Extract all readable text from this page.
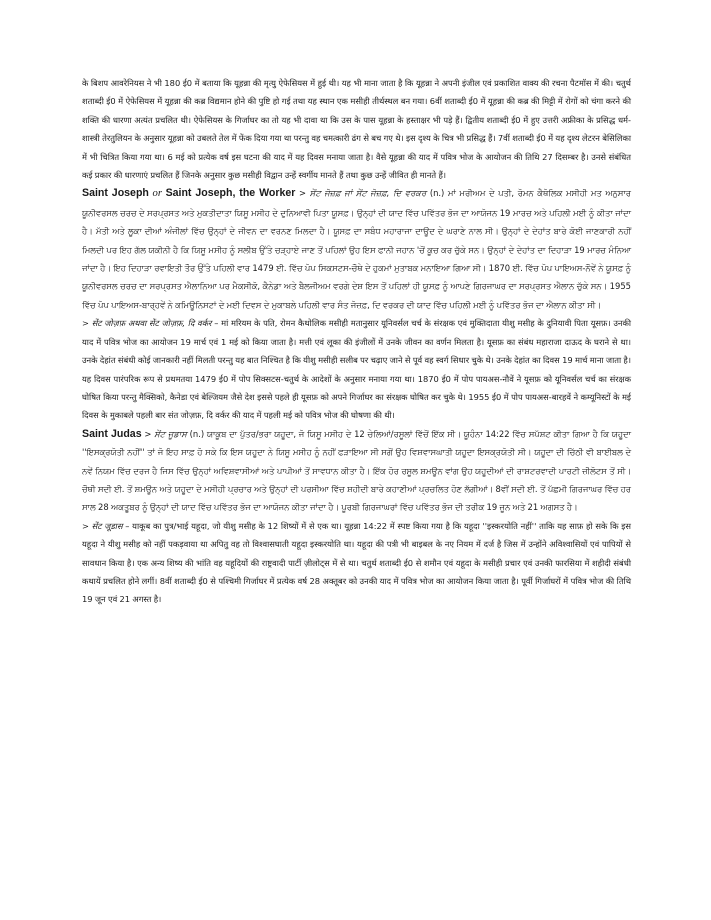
के बिशप आवरेनियस ने भी 180 ई0 में बताया कि यूहन्ना की मृत्यु ऐफेसियस में हुई थी। यह भी माना जाता है कि यूहन्ना ने अपनी इंजील एवं प्रकाशित वाक्य की रचना पैटमॉस में की। चतुर्थ शताब्दी ई0 में ऐफेसियस में यूहन्ना की कब्र विद्यमान होने की पुष्टि हो गई तथा यह स्थान एक मसीही तीर्थस्थल बन गया। 6वीं शताब्दी ई0 में यूहन्ना की कब्र की मिट्टी में रोगों को चंगा करने की शक्ति की धारणा अत्यंत प्रचलित थी। ऐफेसियस के गिर्जाघर का तो यह भी दावा था कि उस के पास यूहन्ना के हस्ताक्षर भी पड़े हैं। द्वितीय शताब्दी ई0 में हुए उत्तरी अफ्रीका के प्रसिद्ध धर्म-शास्त्री तेरतुलियन के अनुसार यूहन्ना को उबलते तेल में फेंक दिया गया था परन्तु वह चमत्कारी ढंग से बच गए थे। इस दृश्य के चित्र भी प्रसिद्ध हैं। 7वीं शताब्दी ई0 में यह दृश्य लेटरन बेसिलिका में भी चित्रित किया गया था। 6 मई को प्रत्येक वर्ष इस घटना की याद में यह दिवस मनाया जाता है। वैसे यूहन्ना की याद में पवित्र भोज के आयोजन की तिथि 27 दिसम्बर है। उनसे संबंधित कई प्रकार की धारणाएं प्रचलित हैं जिनके अनुसार कुछ मसीही विद्वान उन्हें स्वर्गीय मानते हैं तथा कुछ उन्हें जीवित ही मानते हैं।

Saint Joseph or Saint Joseph, the Worker > ਸੇਂਟ ਜੋਜ਼ਫ਼ ਜਾਂ ਸੇਂਟ ਜੋਜ਼ਫ਼, ਦਿ ਵਰਕਰ (n.) ਮਾਂ ਮਰੀਅਮ ਦੇ ਪਤੀ, ਰੋਮਨ ਕੈਥੋਲਿਕ ਮਸੀਹੀ ਮਤ ਅਨੁਸਾਰ ਯੂਨੀਵਰਸਲ ਚਰਚ ਦੇ ਸਰਪ੍ਰਸਤ ਅਤੇ ਮੁਕਤੀਦਾਤਾ ਯਿਸੂ ਮਸੀਹ ਦੇ ਦੁਨਿਆਵੀ ਪਿਤਾ ਯੂਸਫ਼। ਉਨ੍ਹਾਂ ਦੀ ਯਾਦ ਵਿੱਚ ਪਵਿੱਤਰ ਭੋਜ ਦਾ ਆਯੋਜਨ 19 ਮਾਰਚ ਅਤੇ ਪਹਿਲੀ ਮਈ ਨੂੰ ਕੀਤਾ ਜਾਂਦਾ ਹੈ। ਮੱਤੀ ਅਤੇ ਲੂਕਾ ਦੀਆਂ ਅੰਜੀਲਾਂ ਵਿੱਚ ਉਨ੍ਹਾਂ ਦੇ ਜੀਵਨ ਦਾ ਵਰਨਣ ਮਿਲਦਾ ਹੈ। ਯੂਸਫ਼ ਦਾ ਸਬੰਧ ਮਹਾਰਾਜਾ ਦਾਊਦ ਦੇ ਘਰਾਣੇ ਨਾਲ ਸੀ। ਉਨ੍ਹਾਂ ਦੇ ਦੇਹਾਂਤ ਬਾਰੇ ਕੋਈ ਜਾਣਕਾਰੀ ਨਹੀਂ ਮਿਲਦੀ ਪਰ ਇਹ ਗੱਲ ਯਕੀਨੀ ਹੈ ਕਿ ਯਿਸੂ ਮਸੀਹ ਨੂੰ ਸਲੀਬ ਉੱਤੇ ਚੜ੍ਹਾਏ ਜਾਣ ਤੋਂ ਪਹਿਲਾਂ ਉਹ ਇਸ ਫਾਨੀ ਜਹਾਨ 'ਚੋਂ ਕੂਚ ਕਰ ਚੁੱਕੇ ਸਨ। ਉਨ੍ਹਾਂ ਦੇ ਦੇਹਾਂਤ ਦਾ ਦਿਹਾੜਾ 19 ਮਾਰਚ ਮੰਨਿਆ ਜਾਂਦਾ ਹੈ। ਇਹ ਦਿਹਾੜਾ ਰਵਾਇਤੀ ਤੌਰ ਉੱਤੇ ਪਹਿਲੀ ਵਾਰ 1479 ਈ. ਵਿੱਚ ਪੋਪ ਸਿਕਸਟਸ-ਚੌਥੇ ਦੇ ਹੁਕਮਾਂ ਮੁਤਾਬਕ ਮਨਾਇਆ ਗਿਆ ਸੀ। 1870 ਈ. ਵਿੱਚ ਪੋਪ ਪਾਇਅਸ-ਨੌਵੇਂ ਨੇ ਯੂਸਫ਼ ਨੂੰ ਯੂਨੀਵਰਸਲ ਚਰਚ ਦਾ ਸਰਪ੍ਰਸਤ ਐਲਾਨਿਆ ਪਰ ਮੈਕਸੀਕੋ, ਕੈਨੇਡਾ ਅਤੇ ਬੈਲਜੀਅਮ ਵਰਗੇ ਦੇਸ਼ ਇਸ ਤੋਂ ਪਹਿਲਾਂ ਹੀ ਯੂਸਫ਼ ਨੂੰ ਆਪਣੇ ਗਿਰਜਾਘਰ ਦਾ ਸਰਪ੍ਰਸਤ ਐਲਾਨ ਚੁੱਕੇ ਸਨ। 1955 ਵਿੱਚ ਪੋਪ ਪਾਇਅਸ-ਬਾਰ੍ਹਵੇਂ ਨੇ ਕਮਿਊਨਿਸਟਾਂ ਦੇ ਮਈ ਦਿਵਸ ਦੇ ਮੁਕਾਬਲੇ ਪਹਿਲੀ ਵਾਰ ਸੰਤ ਜੋਜ਼ਫ਼, ਦਿ ਵਰਕਰ ਦੀ ਯਾਦ ਵਿੱਚ ਪਹਿਲੀ ਮਈ ਨੂੰ ਪਵਿੱਤਰ ਭੋਜ ਦਾ ਐਲਾਨ ਕੀਤਾ ਸੀ।

> सेंट जोज़फ़ अथवा सेंट जोज़फ़, दि वर्कर – मां मरियम के पति, रोमन कैथोलिक मसीही मतानुसार यूनिवर्सल चर्च के संरक्षक एवं मुक्तिदाता यीशु मसीह के दुनियावी पिता यूसफ़। उनकी याद में पवित्र भोज का आयोजन 19 मार्च एवं 1 मई को किया जाता है। मत्ती एवं लूका की इंजीलों में उनके जीवन का वर्णन मिलता है। यूसफ़ का संबंध महाराजा दाऊद के घराने से था। उनके देहांत संबंधी कोई जानकारी नहीं मिलती परन्तु यह बात निश्चित है कि यीशु मसीही सलीब पर चढ़ाए जाने से पूर्व वह स्वर्ग सिधार चुके थे। उनके देहांत का दिवस 19 मार्च माना जाता है। यह दिवस पारंपरिक रूप से प्रथमतया 1479 ई0 में पोप सिक्सटस-चतुर्थ के आदेशों के अनुसार मनाया गया था। 1870 ई0 में पोप पायअस-नौवें ने यूसफ़ को यूनिवर्सल चर्च का संरक्षक घोषित किया परन्तु मैक्सिको, कैनेडा एवं बेल्जियम जैसे देश इससे पहले ही यूसफ़ को अपने गिर्जाघर का संरक्षक घोषित कर चुके थे। 1955 ई0 में पोप पायअस-बारहवें ने कम्यूनिस्टों के मई दिवस के मुकाबले पहली बार संत जोज़फ़, दि वर्कर की याद में पहली मई को पवित्र भोज की घोषणा की थी।

Saint Judas > ਸੇਂਟ ਜੂਡਾਸ (n.) ਯਾਕੂਬ ਦਾ ਪੁੱਤਰ/ਭਰਾ ਯਹੂਦਾ, ਜੋ ਯਿਸੂ ਮਸੀਹ ਦੇ 12 ਚੇਲਿਆਂ/ਰਸੂਲਾਂ ਵਿੱਚੋਂ ਇੱਕ ਸੀ। ਯੂਹੰਨਾ 14:22 ਵਿੱਚ ਸਪੱਸ਼ਟ ਕੀਤਾ ਗਿਆ ਹੈ ਕਿ ਯਹੂਦਾ ''ਇਸਕ੍ਰਯੋਤੀ ਨਹੀਂ'' ਤਾਂ ਜੋ ਇਹ ਸਾਫ਼ ਹੋ ਸਕੇ ਕਿ ਇਸ ਯਹੂਦਾ ਨੇ ਯਿਸੂ ਮਸੀਹ ਨੂੰ ਨਹੀਂ ਫੜਾਇਆ ਸੀ ਸਗੋਂ ਉਹ ਵਿਸ਼ਵਾਸਘਾਤੀ ਯਹੂਦਾ ਇਸਕ੍ਰਯੋਤੀ ਸੀ। ਯਹੂਦਾ ਦੀ ਚਿੱਠੀ ਵੀ ਬਾਈਬਲ ਦੇ ਨਵੇਂ ਨਿਯਮ ਵਿੱਚ ਦਰਜ ਹੈ ਜਿਸ ਵਿੱਚ ਉਨ੍ਹਾਂ ਅਵਿਸ਼ਵਾਸੀਆਂ ਅਤੇ ਪਾਪੀਆਂ ਤੋਂ ਸਾਵਧਾਨ ਕੀਤਾ ਹੈ। ਇੱਕ ਹੋਰ ਰਸੂਲ ਸ਼ਮਊਨ ਵਾਂਗ ਉਹ ਯਹੂਦੀਆਂ ਦੀ ਰਾਸ਼ਟਰਵਾਦੀ ਪਾਰਟੀ ਜ਼ੀਲੋਟਸ ਤੋਂ ਸੀ। ਚੌਥੀ ਸਦੀ ਈ. ਤੋਂ ਸ਼ਮਊਨ ਅਤੇ ਯਹੂਦਾ ਦੇ ਮਸੀਹੀ ਪ੍ਰਚਾਰ ਅਤੇ ਉਨ੍ਹਾਂ ਦੀ ਪਰਸੀਆ ਵਿੱਚ ਸ਼ਹੀਦੀ ਬਾਰੇ ਕਹਾਣੀਆਂ ਪ੍ਰਚਲਿਤ ਹੋਣ ਲੱਗੀਆਂ। 8ਵੀਂ ਸਦੀ ਈ. ਤੋਂ ਪੱਛਮੀ ਗਿਰਜਾਘਰ ਵਿੱਚ ਹਰ ਸਾਲ 28 ਅਕਤੂਬਰ ਨੂੰ ਉਨ੍ਹਾਂ ਦੀ ਯਾਦ ਵਿੱਚ ਪਵਿੱਤਰ ਭੋਜ ਦਾ ਆਯੋਜਨ ਕੀਤਾ ਜਾਂਦਾ ਹੈ। ਪੂਰਬੀ ਗਿਰਜਾਘਰਾਂ ਵਿੱਚ ਪਵਿੱਤਰ ਭੋਜ ਦੀ ਤਰੀਕ 19 ਜੂਨ ਅਤੇ 21 ਅਗਸਤ ਹੈ।

> सेंट जूडास – याकूब का पुत्र/भाई यहूदा, जो यीशु मसीह के 12 शिष्यों में से एक था। यूहन्ना 14:22 में स्पष्ट किया गया है कि यहूदा ''इस्करयोति नहीं'' ताकि यह साफ़ हो सके कि इस यहूदा ने यीशु मसीह को नहीं पकड़वाया था अपितु वह तो विश्वासघाती यहूदा इस्करयोति था। यहूदा की पत्री भी बाइबल के नए नियम में दर्ज है जिस में उन्होंने अविश्वासियों एवं पापियों से सावधान किया है। एक अन्य शिष्य की भांति वह यहूदियों की राष्ट्रवादी पार्टी ज़ीलोट्स में से था। चतुर्थ शताब्दी ई0 से शमौन एवं यहूदा के मसीही प्रचार एवं उनकी फारसिया में शहीदी संबंधी कथायें प्रचलित होने लगीं। 8वीं शताब्दी ई0 से पश्चिमी गिर्जाघर में प्रत्येक वर्ष 28 अक्तूबर को उनकी याद में पवित्र भोज का आयोजन किया जाता है। पूर्वी गिर्जाघरों में पवित्र भोज की तिथि 19 जून एवं 21 अगस्त है।
